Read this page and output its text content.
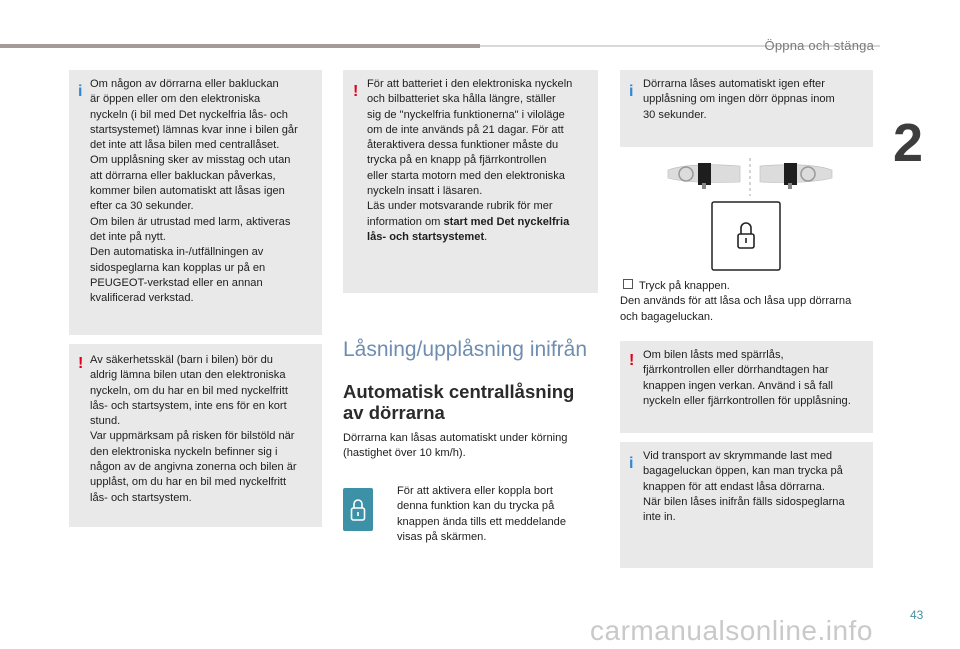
Öppna och stänga
2
i Om någon av dörrarna eller bakluckan

är öppen eller om den elektroniska

nyckeln (i bil med Det nyckelfria lås- och

startsystemet) lämnas kvar inne i bilen går

det inte att låsa bilen med centrallåset.

Om upplåsning sker av misstag och utan

att dörrarna eller bakluckan påverkas,

kommer bilen automatiskt att låsas igen

efter ca 30 sekunder.

Om bilen är utrustad med larm, aktiveras

det inte på nytt.

Den automatiska in-/utfällningen av

sidospeglarna kan kopplas ur på en

PEUGEOT-verkstad eller en annan

kvalificerad verkstad.

! Av säkerhetsskäl (barn i bilen) bör du

aldrig lämna bilen utan den elektroniska

nyckeln, om du har en bil med nyckelfritt

lås- och startsystem, inte ens för en kort

stund.

Var uppmärksam på risken för bilstöld när

den elektroniska nyckeln befinner sig i

någon av de angivna zonerna och bilen är

upplåst, om du har en bil med nyckelfritt

lås- och startsystem.

! För att batteriet i den elektroniska nyckeln

och bilbatteriet ska hålla längre, ställer

sig de "nyckelfria funktionerna" i viloläge

om de inte används på 21 dagar. För att

återaktivera dessa funktioner måste du

trycka på en knapp på fjärrkontrollen

eller starta motorn med den elektroniska

nyckeln insatt i läsaren.

Läs under motsvarande rubrik för mer

information om start med Det nyckelfria

lås- och startsystemet.

Låsning/upplåsning inifrån
Automatisk centrallåsning
av dörrarna

Dörrarna kan låsas automatiskt under körning
(hastighet över 10 km/h).

För att aktivera eller koppla bort
denna funktion kan du trycka på
knappen ända tills ett meddelande
visas på skärmen.
i Dörrarna låses automatiskt igen efter

upplåsning om ingen dörr öppnas inom

30 sekunder.

Tryck på knappen.
Den används för att låsa och låsa upp dörrarna
och bagageluckan.
! Om bilen låsts med spärrlås,

fjärrkontrollen eller dörrhandtagen har

knappen ingen verkan. Använd i så fall

nyckeln eller fjärrkontrollen för upplåsning.

i Vid transport av skrymmande last med

bagageluckan öppen, kan man trycka på

knappen för att endast låsa dörrarna.

När bilen låses inifrån fälls sidospeglarna

inte in.

43
carmanualsonline.info
